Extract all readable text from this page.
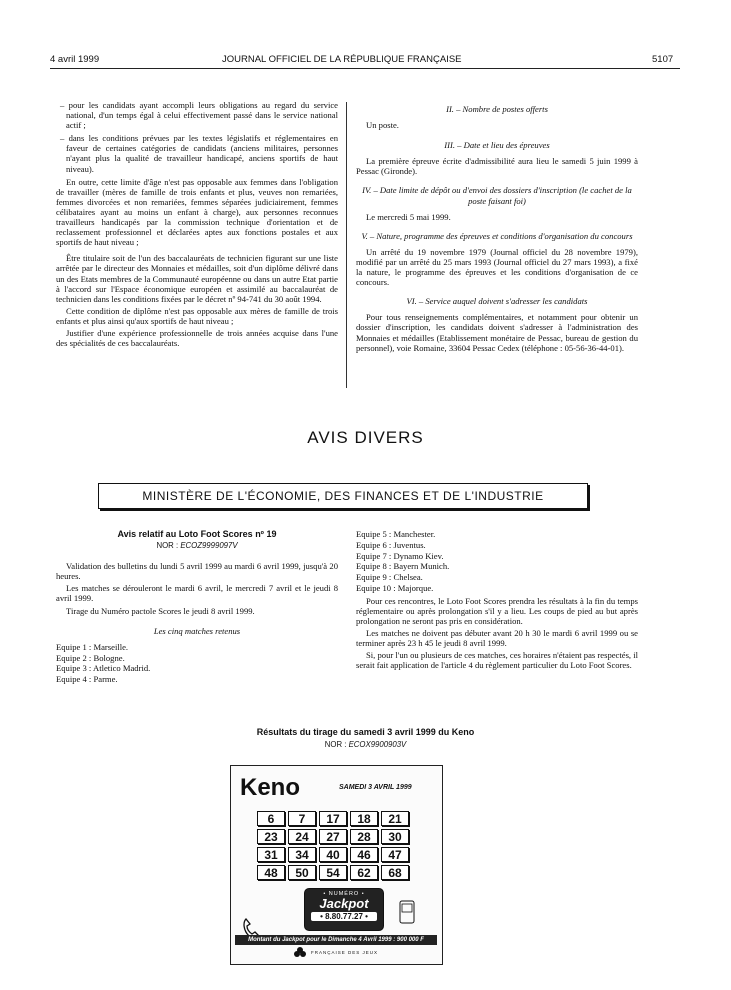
4 avril 1999	JOURNAL OFFICIEL DE LA RÉPUBLIQUE FRANÇAISE	5107
– pour les candidats ayant accompli leurs obligations au regard du service national, d'un temps égal à celui effectivement passé dans le service national actif ;
– dans les conditions prévues par les textes législatifs et réglementaires en faveur de certaines catégories de candidats (anciens militaires, personnes n'ayant plus la qualité de travailleur handicapé, anciens sportifs de haut niveau).

En outre, cette limite d'âge n'est pas opposable aux femmes dans l'obligation de travailler (mères de famille de trois enfants et plus, veuves non remariées, femmes divorcées et non remariées, femmes séparées judiciairement, femmes célibataires ayant au moins un enfant à charge), aux personnes reconnues travailleurs handicapés par la commission technique d'orientation et de reclassement professionnel et déclarées aptes aux fonctions postales et aux sportifs de haut niveau ;

Être titulaire soit de l'un des baccalauréats de technicien figurant sur une liste arrêtée par le directeur des Monnaies et médailles, soit d'un diplôme délivré dans un des Etats membres de la Communauté européenne ou dans un autre Etat partie à l'accord sur l'Espace économique européen et assimilé au baccalauréat de technicien dans les conditions fixées par le décret nº 94-741 du 30 août 1994.

Cette condition de diplôme n'est pas opposable aux mères de famille de trois enfants et plus ainsi qu'aux sportifs de haut niveau ;

Justifier d'une expérience professionnelle de trois années acquise dans l'une des spécialités de ces baccalauréats.

II. – Nombre de postes offerts

Un poste.

III. – Date et lieu des épreuves

La première épreuve écrite d'admissibilité aura lieu le samedi 5 juin 1999 à Pessac (Gironde).

IV. – Date limite de dépôt ou d'envoi des dossiers d'inscription (le cachet de la poste faisant foi)

Le mercredi 5 mai 1999.

V. – Nature, programme des épreuves et conditions d'organisation du concours

Un arrêté du 19 novembre 1979 (Journal officiel du 28 novembre 1979), modifié par un arrêté du 25 mars 1993 (Journal officiel du 27 mars 1993), a fixé la nature, le programme des épreuves et les conditions d'organisation de ce concours.

VI. – Service auquel doivent s'adresser les candidats

Pour tous renseignements complémentaires, et notamment pour obtenir un dossier d'inscription, les candidats doivent s'adresser à l'administration des Monnaies et médailles (Etablissement monétaire de Pessac, bureau de gestion du personnel), voie Romaine, 33604 Pessac Cedex (téléphone : 05-56-36-44-01).

AVIS DIVERS
MINISTÈRE DE L'ÉCONOMIE, DES FINANCES ET DE L'INDUSTRIE
Avis relatif au Loto Foot Scores nº 19
NOR : ECOZ9999097V

Validation des bulletins du lundi 5 avril 1999 au mardi 6 avril 1999, jusqu'à 20 heures.

Les matches se dérouleront le mardi 6 avril, le mercredi 7 avril et le jeudi 8 avril 1999.

Tirage du Numéro pactole Scores le jeudi 8 avril 1999.

Les cinq matches retenus
Equipe 1 : Marseille.
Equipe 2 : Bologne.
Equipe 3 : Atletico Madrid.
Equipe 4 : Parme.
Equipe 5 : Manchester.
Equipe 6 : Juventus.
Equipe 7 : Dynamo Kiev.
Equipe 8 : Bayern Munich.
Equipe 9 : Chelsea.
Equipe 10 : Majorque.

Pour ces rencontres, le Loto Foot Scores prendra les résultats à la fin du temps réglementaire ou après prolongation s'il y a lieu. Les coups de pied au but après prolongation ne seront pas pris en considération.

Les matches ne doivent pas débuter avant 20 h 30 le mardi 6 avril 1999 ou se terminer après 23 h 45 le jeudi 8 avril 1999.

Si, pour l'un ou plusieurs de ces matches, ces horaires n'étaient pas respectés, il serait fait application de l'article 4 du règlement particulier du Loto Foot Scores.

Résultats du tirage du samedi 3 avril 1999 du Keno
NOR : ECOX9900903V
Keno	SAMEDI 3 AVRIL 1999
6	7	17	18	21
23	24	27	28	30
31	34	40	46	47
48	50	54	62	68
• NUMÉRO •
Jackpot
• 8.80.77.27 •
Montant du Jackpot pour le Dimanche 4 Avril 1999 : 900 000 F
FRANÇAISE DES JEUX
